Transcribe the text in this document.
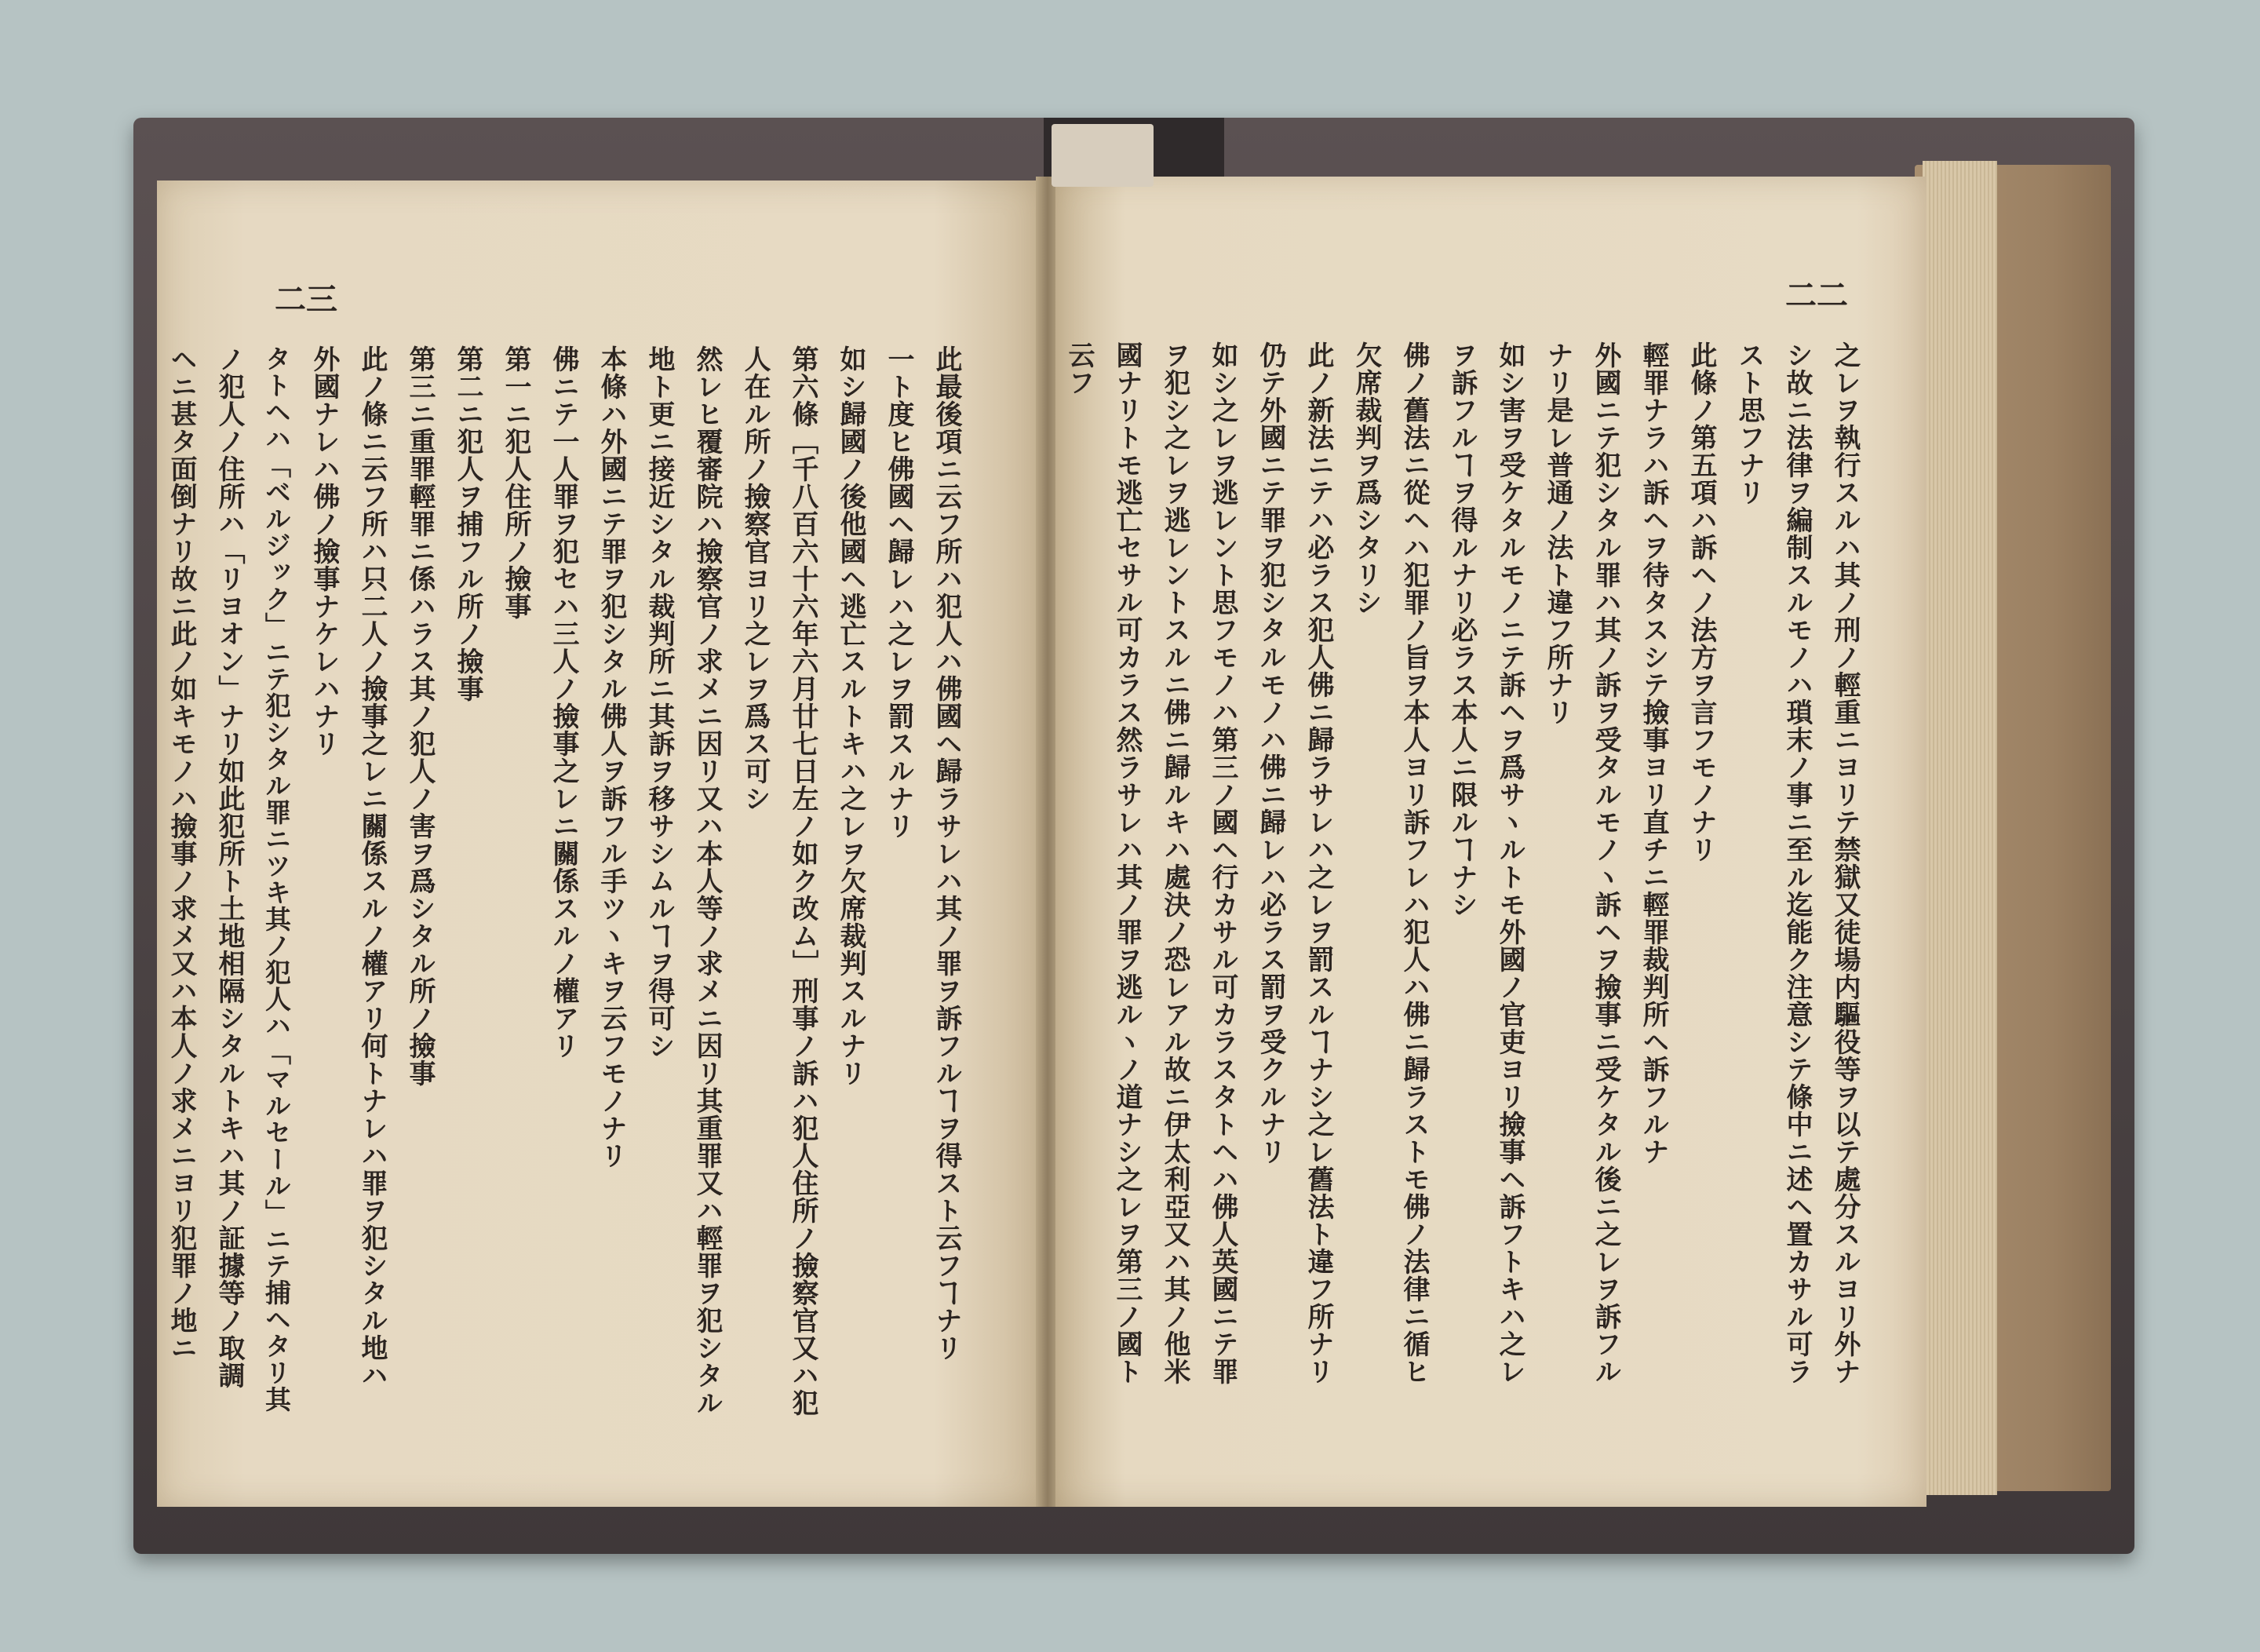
二三
此最後項ニ云フ所ハ犯人ハ佛國ヘ歸ラサレハ其ノ罪ヲ訴フルヿヲ得スト云フヿナリ
一ト度ヒ佛國ヘ歸レハ之レヲ罰スルナリ
如シ歸國ノ後他國ヘ逃亡スルトキハ之レヲ欠席裁判スルナリ
第六條［千八百六十六年六月廿七日左ノ如ク改ム］刑事ノ訴ハ犯人住所ノ撿察官又ハ犯
人在ル所ノ撿察官ヨリ之レヲ爲ス可シ
然レヒ覆審院ハ撿察官ノ求メニ因リ又ハ本人等ノ求メニ因リ其重罪又ハ輕罪ヲ犯シタル
地ト更ニ接近シタル裁判所ニ其訴ヲ移サシムルヿヲ得可シ
本條ハ外國ニテ罪ヲ犯シタル佛人ヲ訴フル手ツヽキヲ云フモノナリ
佛ニテ一人罪ヲ犯セハ三人ノ撿事之レニ關係スルノ權アリ
第一ニ犯人住所ノ撿事
第二ニ犯人ヲ捕フル所ノ撿事
第三ニ重罪輕罪ニ係ハラス其ノ犯人ノ害ヲ爲シタル所ノ撿事
此ノ條ニ云フ所ハ只二人ノ撿事之レニ關係スルノ權アリ何トナレハ罪ヲ犯シタル地ハ
外國ナレハ佛ノ撿事ナケレハナリ
タトヘハ「ベルジック」ニテ犯シタル罪ニツキ其ノ犯人ハ「マルセール」ニテ捕ヘタリ其
ノ犯人ノ住所ハ「リヨオン」ナリ如此犯所ト土地相隔シタルトキハ其ノ証據等ノ取調
ヘニ甚タ面倒ナリ故ニ此ノ如キモノハ撿事ノ求メ又ハ本人ノ求メニヨリ犯罪ノ地ニ
二二
之レヲ執行スルハ其ノ刑ノ輕重ニヨリテ禁獄又徒場内驅役等ヲ以テ處分スルヨリ外ナ
シ故ニ法律ヲ編制スルモノハ瑣末ノ事ニ至ル迄能ク注意シテ條中ニ述ヘ置カサル可ラ
スト思フナリ
此條ノ第五項ハ訴ヘノ法方ヲ言フモノナリ
輕罪ナラハ訴ヘヲ待タスシテ撿事ヨリ直チニ輕罪裁判所ヘ訴フルナ
外國ニテ犯シタル罪ハ其ノ訴ヲ受タルモノヽ訴ヘヲ撿事ニ受ケタル後ニ之レヲ訴フル
ナリ是レ普通ノ法ト違フ所ナリ
如シ害ヲ受ケタルモノニテ訴ヘヲ爲サヽルトモ外國ノ官吏ヨリ撿事ヘ訴フトキハ之レ
ヲ訴フルヿヲ得ルナリ必ラス本人ニ限ルヿナシ
佛ノ舊法ニ從ヘハ犯罪ノ旨ヲ本人ヨリ訴フレハ犯人ハ佛ニ歸ラストモ佛ノ法律ニ循ヒ
欠席裁判ヲ爲シタリシ
此ノ新法ニテハ必ラス犯人佛ニ歸ラサレハ之レヲ罰スルヿナシ之レ舊法ト違フ所ナリ
仍テ外國ニテ罪ヲ犯シタルモノハ佛ニ歸レハ必ラス罰ヲ受クルナリ
如シ之レヲ逃レント思フモノハ第三ノ國ヘ行カサル可カラスタトヘハ佛人英國ニテ罪
ヲ犯シ之レヲ逃レントスルニ佛ニ歸ルキハ處決ノ恐レアル故ニ伊太利亞又ハ其ノ他米
國ナリトモ逃亡セサル可カラス然ラサレハ其ノ罪ヲ逃ルヽノ道ナシ之レヲ第三ノ國ト
云フ
